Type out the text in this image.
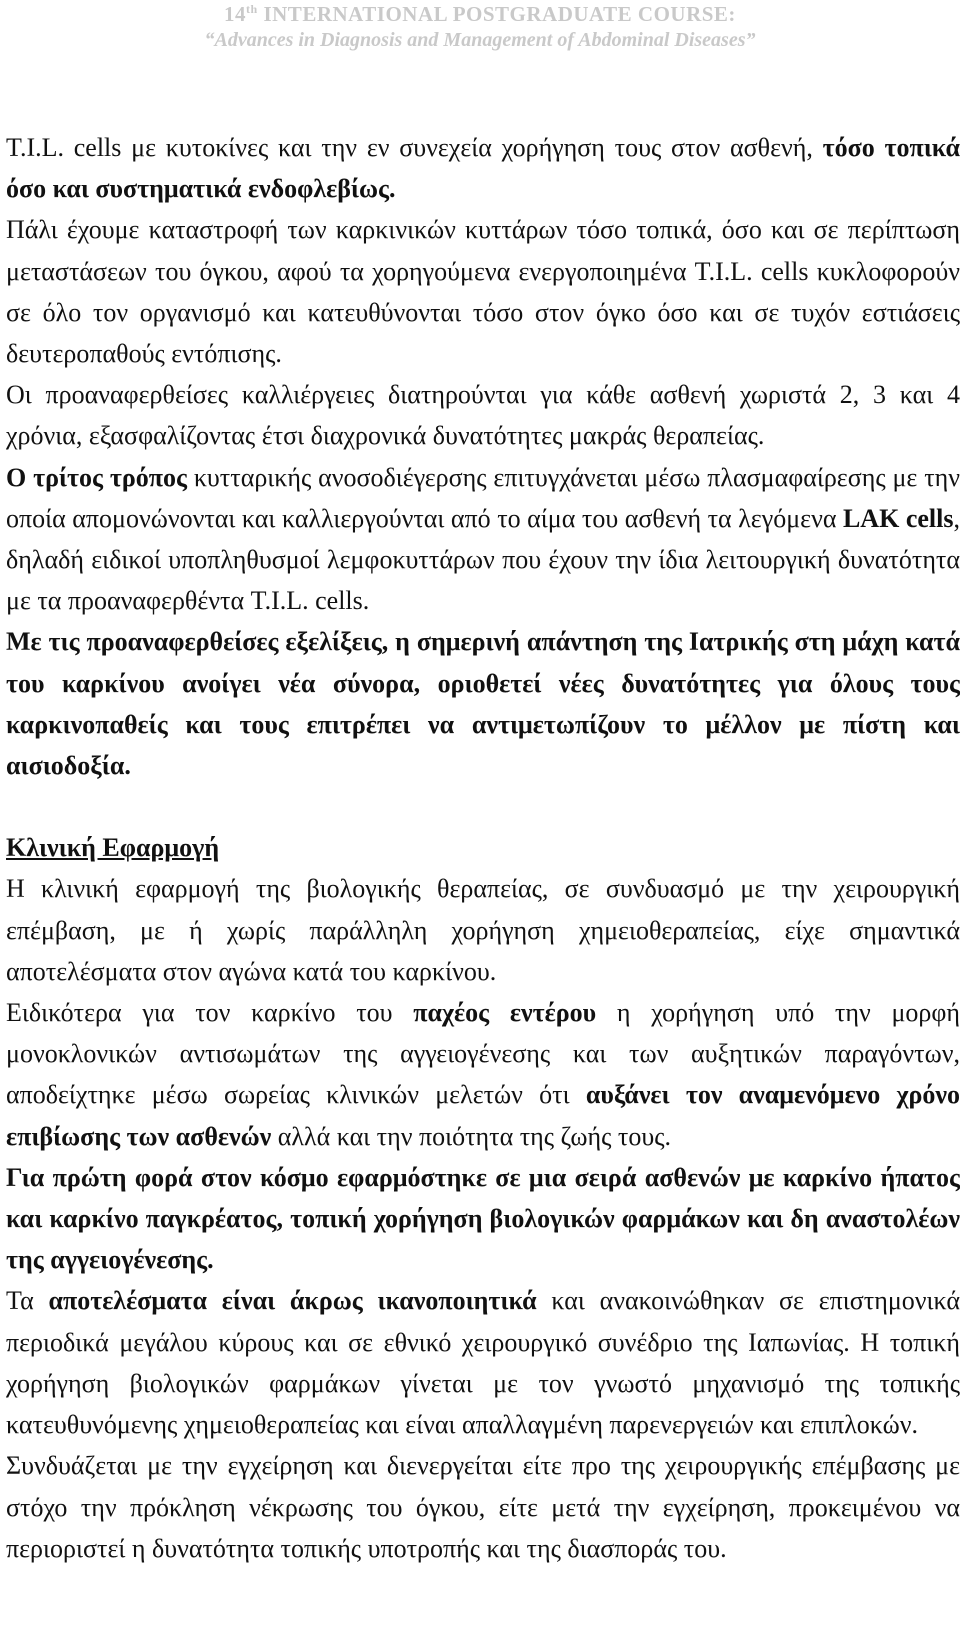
14th INTERNATIONAL POSTGRADUATE COURSE:
“Advances in Diagnosis and Management of Abdominal Diseases”

Τ.Ι.L. cells με κυτοκίνες και την εν συνεχεία χορήγηση τους στον ασθενή, τόσο τοπικά όσο και συστηματικά ενδοφλεβίως.

Πάλι έχουμε καταστροφή των καρκινικών κυττάρων τόσο τοπικά, όσο και σε περίπτωση μεταστάσεων του όγκου, αφού τα χορηγούμενα ενεργοποιημένα T.I.L. cells κυκλοφορούν σε όλο τον οργανισμό και κατευθύνονται τόσο στον όγκο όσο και σε τυχόν εστιάσεις δευτεροπαθούς εντόπισης.

Οι προαναφερθείσες καλλιέργειες διατηρούνται για κάθε ασθενή χωριστά 2, 3 και 4 χρόνια, εξασφαλίζοντας έτσι διαχρονικά δυνατότητες μακράς θεραπείας.

Ο τρίτος τρόπος κυτταρικής ανοσοδιέγερσης επιτυγχάνεται μέσω πλασμαφαίρεσης με την οποία απομονώνονται και καλλιεργούνται από το αίμα του ασθενή τα λεγόμενα LAK cells, δηλαδή ειδικοί υποπληθυσμοί λεμφοκυττάρων που έχουν την ίδια λειτουργική δυνατότητα με τα προαναφερθέντα T.I.L. cells.

Με τις προαναφερθείσες εξελίξεις, η σημερινή απάντηση της Ιατρικής στη μάχη κατά του καρκίνου ανοίγει νέα σύνορα, οριοθετεί νέες δυνατότητες για όλους τους καρκινοπαθείς και τους επιτρέπει να αντιμετωπίζουν το μέλλον με πίστη και αισιοδοξία.

Κλινική Εφαρμογή

Η κλινική εφαρμογή της βιολογικής θεραπείας, σε συνδυασμό με την χειρουργική επέμβαση, με ή χωρίς παράλληλη χορήγηση χημειοθεραπείας, είχε σημαντικά αποτελέσματα στον αγώνα κατά του καρκίνου.

Ειδικότερα για τον καρκίνο του παχέος εντέρου η χορήγηση υπό την μορφή μονοκλονικών αντισωμάτων της αγγειογένεσης και των αυξητικών παραγόντων, αποδείχτηκε μέσω σωρείας κλινικών μελετών ότι αυξάνει τον αναμενόμενο χρόνο επιβίωσης των ασθενών αλλά και την ποιότητα της ζωής τους.

Για πρώτη φορά στον κόσμο εφαρμόστηκε σε μια σειρά ασθενών με καρκίνο ήπατος και καρκίνο παγκρέατος, τοπική χορήγηση βιολογικών φαρμάκων και δη αναστολέων της αγγειογένεσης.

Τα αποτελέσματα είναι άκρως ικανοποιητικά και ανακοινώθηκαν σε επιστημονικά περιοδικά μεγάλου κύρους και σε εθνικό χειρουργικό συνέδριο της Ιαπωνίας. Η τοπική χορήγηση βιολογικών φαρμάκων γίνεται με τον γνωστό μηχανισμό της τοπικής κατευθυνόμενης χημειοθεραπείας και είναι απαλλαγμένη παρενεργειών και επιπλοκών.

Συνδυάζεται με την εγχείρηση και διενεργείται είτε προ της χειρουργικής επέμβασης με στόχο την πρόκληση νέκρωσης του όγκου, είτε μετά την εγχείρηση, προκειμένου να περιοριστεί η δυνατότητα τοπικής υποτροπής και της διασποράς του.
